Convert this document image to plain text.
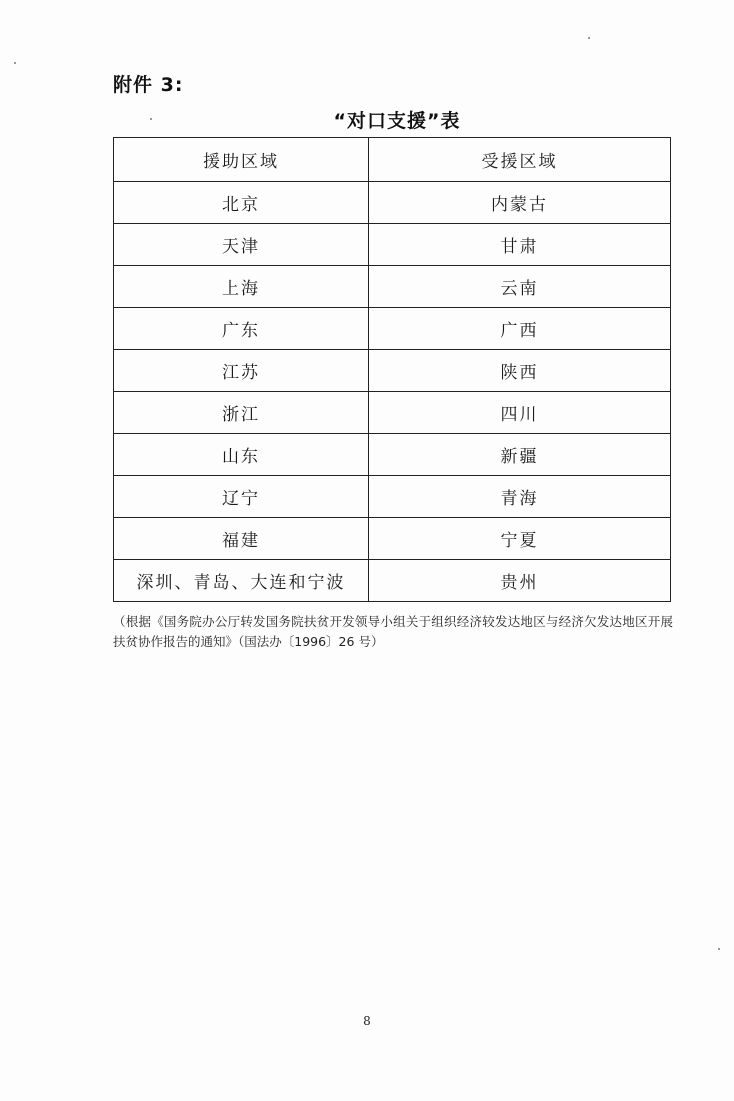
附件 3:
“对口支援”表
援助区域	受援区域
北京	内蒙古
天津	甘肃
上海	云南
广东	广西
江苏	陕西
浙江	四川
山东	新疆
辽宁	青海
福建	宁夏
深圳、青岛、大连和宁波	贵州
（根据《国务院办公厅转发国务院扶贫开发领导小组关于组织经济较发达地区与经济欠发达地区开展扶贫协作报告的通知》（国法办〔1996〕26 号）
8
